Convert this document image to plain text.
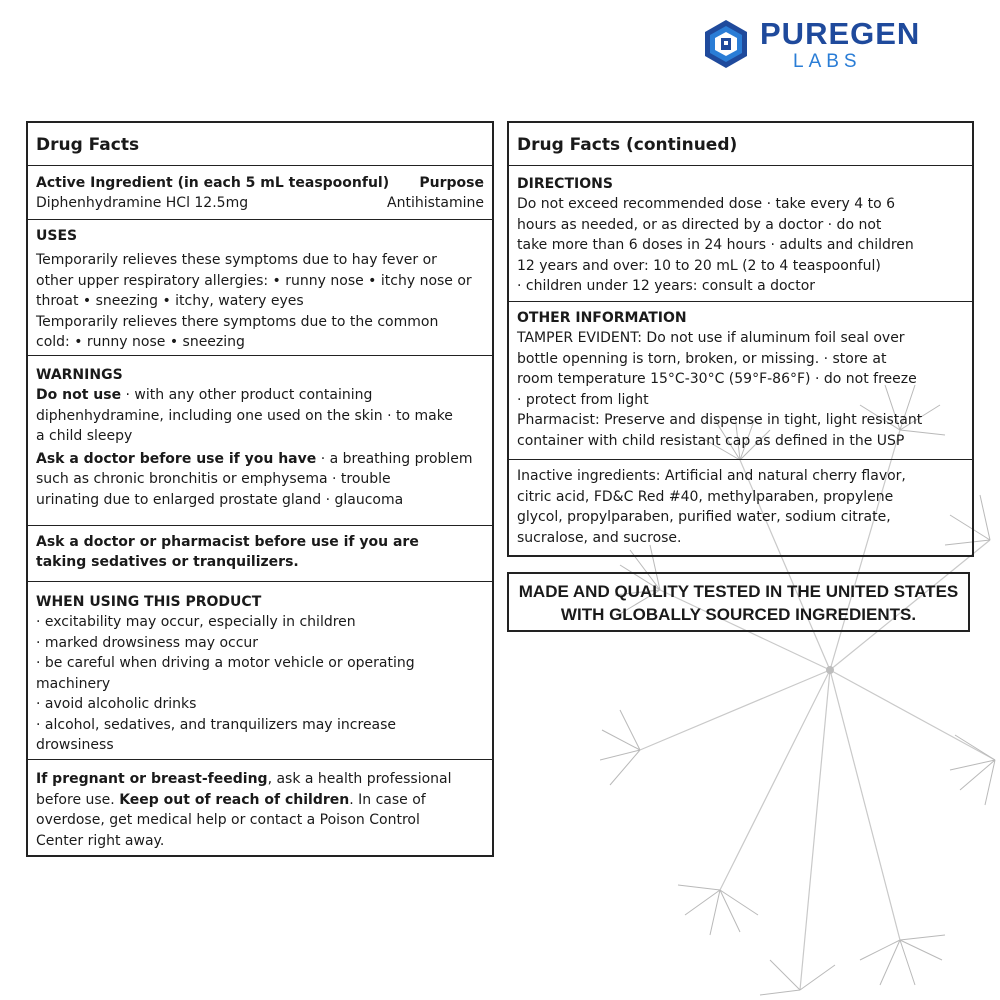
PUREGEN
LABS
Drug Facts
Active Ingredient (in each 5 mL teaspoonful) Purpose
Diphenhydramine HCl 12.5mg	Antihistamine
USES
Temporarily relieves these symptoms due to hay fever or
other upper respiratory allergies: • runny nose • itchy nose or
throat • sneezing • itchy, watery eyes
Temporarily relieves there symptoms due to the common
cold: • runny nose • sneezing
WARNINGS
Do not use · with any other product containing
diphenhydramine, including one used on the skin · to make
a child sleepy
Ask a doctor before use if you have · a breathing problem
such as chronic bronchitis or emphysema · trouble
urinating due to enlarged prostate gland · glaucoma
Ask a doctor or pharmacist before use if you are
taking sedatives or tranquilizers.
WHEN USING THIS PRODUCT
· excitability may occur, especially in children
· marked drowsiness may occur
· be careful when driving a motor vehicle or operating
machinery
· avoid alcoholic drinks
· alcohol, sedatives, and tranquilizers may increase
drowsiness
If pregnant or breast-feeding, ask a health professional
before use. Keep out of reach of children. In case of
overdose, get medical help or contact a Poison Control
Center right away.
Drug Facts (continued)
DIRECTIONS
Do not exceed recommended dose · take every 4 to 6
hours as needed, or as directed by a doctor · do not
take more than 6 doses in 24 hours · adults and children
12 years and over: 10 to 20 mL (2 to 4 teaspoonful)
· children under 12 years: consult a doctor
OTHER INFORMATION
TAMPER EVIDENT: Do not use if aluminum foil seal over
bottle openning is torn, broken, or missing. · store at
room temperature 15°C-30°C (59°F-86°F) · do not freeze
· protect from light
Pharmacist: Preserve and dispense in tight, light resistant
container with child resistant cap as defined in the USP
Inactive ingredients: Artificial and natural cherry flavor,
citric acid, FD&C Red #40, methylparaben, propylene
glycol, propylparaben, purified water, sodium citrate,
sucralose, and sucrose.
MADE AND QUALITY TESTED IN THE UNITED STATES
WITH GLOBALLY SOURCED INGREDIENTS.
